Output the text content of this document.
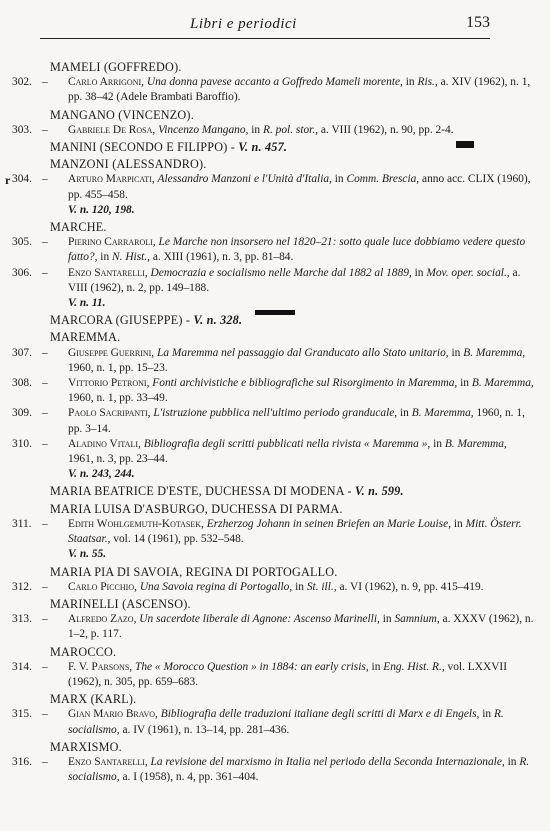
Libri e periodici	153
MAMELI (GOFFREDO).
302. – Carlo Arrigoni, Una donna pavese accanto a Goffredo Mameli morente, in Ris., a. XIV (1962), n. 1, pp. 38–42 (Adele Brambati Baroffio).
MANGANO (VINCENZO).
303. – Gabriele De Rosa, Vincenzo Mangano, in R. pol. stor., a. VIII (1962), n. 90, pp. 2-4.
MANINI (SECONDO E FILIPPO) - V. n. 457.
MANZONI (ALESSANDRO).
304. – Arturo Marpicati, Alessandro Manzoni e l'Unità d'Italia, in Comm. Brescia, anno acc. CLIX (1960), pp. 455–458.
V. n. 120, 198.
MARCHE.
305. – Pierino Carraroli, Le Marche non insorsero nel 1820–21: sotto quale luce dobbiamo vedere questo fatto?, in N. Hist., a. XIII (1961), n. 3, pp. 81–84.
306. – Enzo Santarelli, Democrazia e socialismo nelle Marche dal 1882 al 1889, in Mov. oper. social., a. VIII (1962), n. 2, pp. 149–188.
V. n. 11.
MARCORA (GIUSEPPE) - V. n. 328.
MAREMMA.
307. – Giuseppe Guerrini, La Maremma nel passaggio dal Granducato allo Stato unitario, in B. Maremma, 1960, n. 1, pp. 15–23.
308. – Vittorio Petroni, Fonti archivistiche e bibliografiche sul Risorgimento in Maremma, in B. Maremma, 1960, n. 1, pp. 33–49.
309. – Paolo Sacripanti, L'istruzione pubblica nell'ultimo periodo granducale, in B. Maremma, 1960, n. 1, pp. 3–14.
310. – Aladino Vitali, Bibliografia degli scritti pubblicati nella rivista « Maremma », in B. Maremma, 1961, n. 3, pp. 23–44.
V. n. 243, 244.
MARIA BEATRICE D'ESTE, DUCHESSA DI MODENA - V. n. 599.
MARIA LUISA D'ASBURGO, DUCHESSA DI PARMA.
311. – Edith Wohlgemuth-Kotasek, Erzherzog Johann in seinen Briefen an Marie Louise, in Mitt. Österr. Staatsar., vol. 14 (1961), pp. 532–548.
V. n. 55.
MARIA PIA DI SAVOIA, REGINA DI PORTOGALLO.
312. – Carlo Picchio, Una Savoia regina di Portogallo, in St. ill., a. VI (1962), n. 9, pp. 415–419.
MARINELLI (ASCENSO).
313. – Alfredo Zazo, Un sacerdote liberale di Agnone: Ascenso Marinelli, in Samnium, a. XXXV (1962), n. 1–2, p. 117.
MAROCCO.
314. – F. V. Parsons, The « Morocco Question » in 1884: an early crisis, in Eng. Hist. R., vol. LXXVII (1962), n. 305, pp. 659–683.
MARX (KARL).
315. – Gian Mario Bravo, Bibliografia delle traduzioni italiane degli scritti di Marx e di Engels, in R. socialismo, a. IV (1961), n. 13–14, pp. 281–436.
MARXISMO.
316. – Enzo Santarelli, La revisione del marxismo in Italia nel periodo della Seconda Internazionale, in R. socialismo, a. I (1958), n. 4, pp. 361–404.
r
